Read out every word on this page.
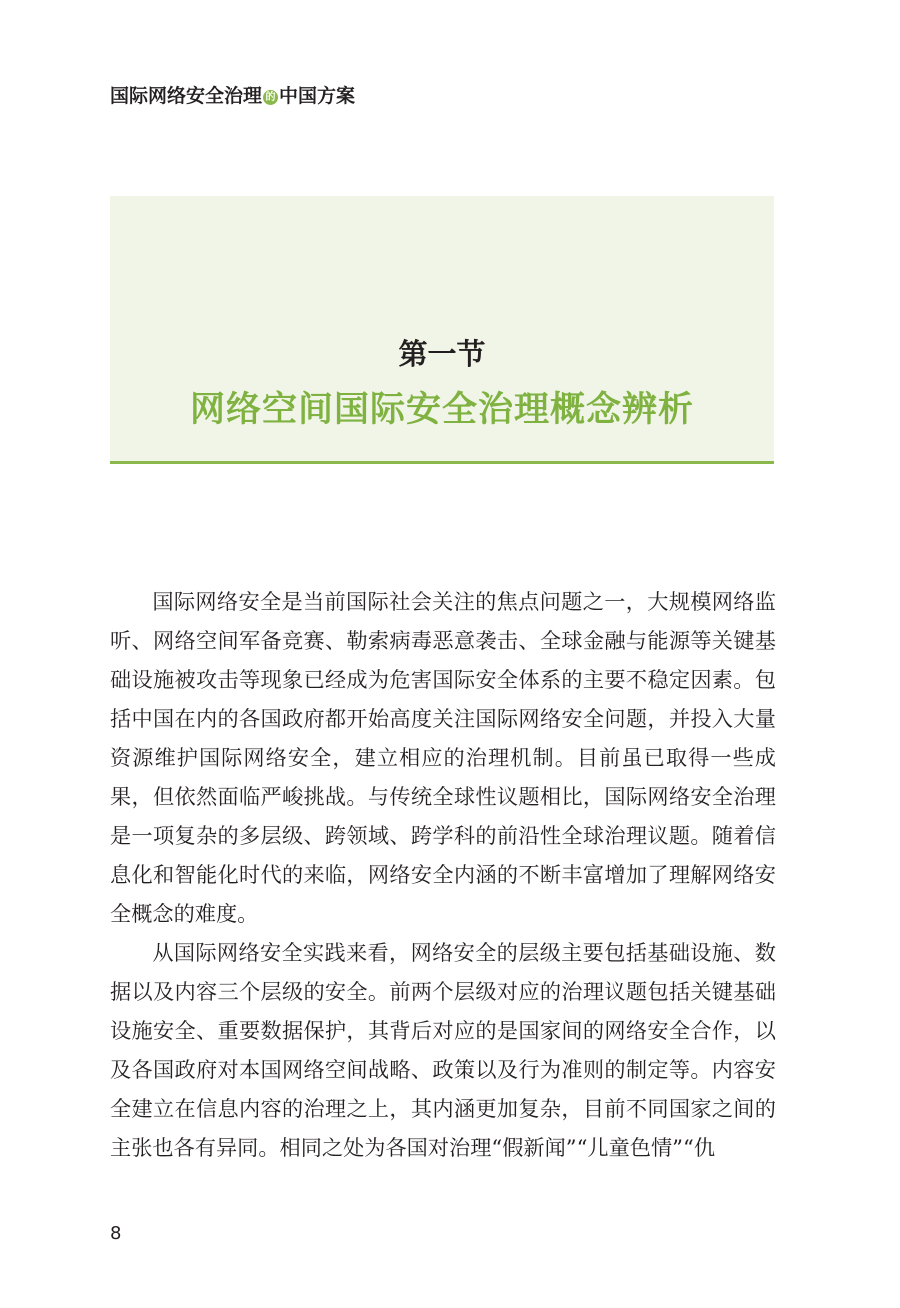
国际网络安全治理 的 中国方案
第一节
网络空间国际安全治理概念辨析

国际网络安全是当前国际社会关注的焦点问题之一，大规模网络监听、网络空间军备竞赛、勒索病毒恶意袭击、全球金融与能源等关键基础设施被攻击等现象已经成为危害国际安全体系的主要不稳定因素。包括中国在内的各国政府都开始高度关注国际网络安全问题，并投入大量资源维护国际网络安全，建立相应的治理机制。目前虽已取得一些成果，但依然面临严峻挑战。与传统全球性议题相比，国际网络安全治理是一项复杂的多层级、跨领域、跨学科的前沿性全球治理议题。随着信息化和智能化时代的来临，网络安全内涵的不断丰富增加了理解网络安全概念的难度。

从国际网络安全实践来看，网络安全的层级主要包括基础设施、数据以及内容三个层级的安全。前两个层级对应的治理议题包括关键基础设施安全、重要数据保护，其背后对应的是国家间的网络安全合作，以及各国政府对本国网络空间战略、政策以及行为准则的制定等。内容安全建立在信息内容的治理之上，其内涵更加复杂，目前不同国家之间的主张也各有异同。相同之处为各国对治理“假新闻”“儿童色情”“仇

8
